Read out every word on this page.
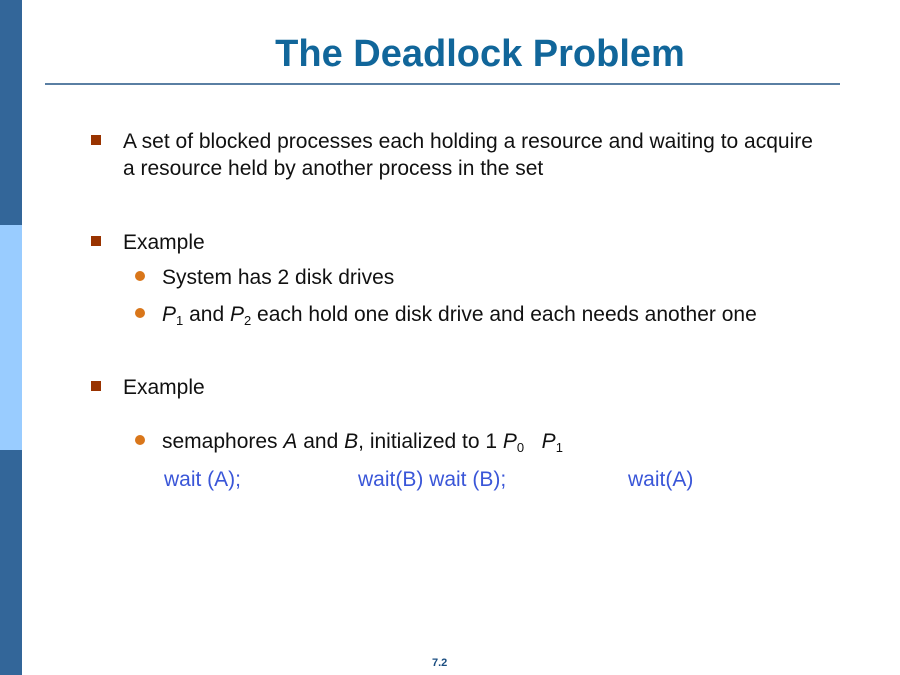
The Deadlock Problem
A set of blocked processes each holding a resource and waiting to acquire a resource held by another process in the set
Example
System has 2 disk drives
$P_1$ and $P_2$ each hold one disk drive and each needs another one
Example
semaphores A and B, initialized to 1 $P_0$ $P_1$
wait (A);	wait(B) wait (B);	wait(A)
7.2
